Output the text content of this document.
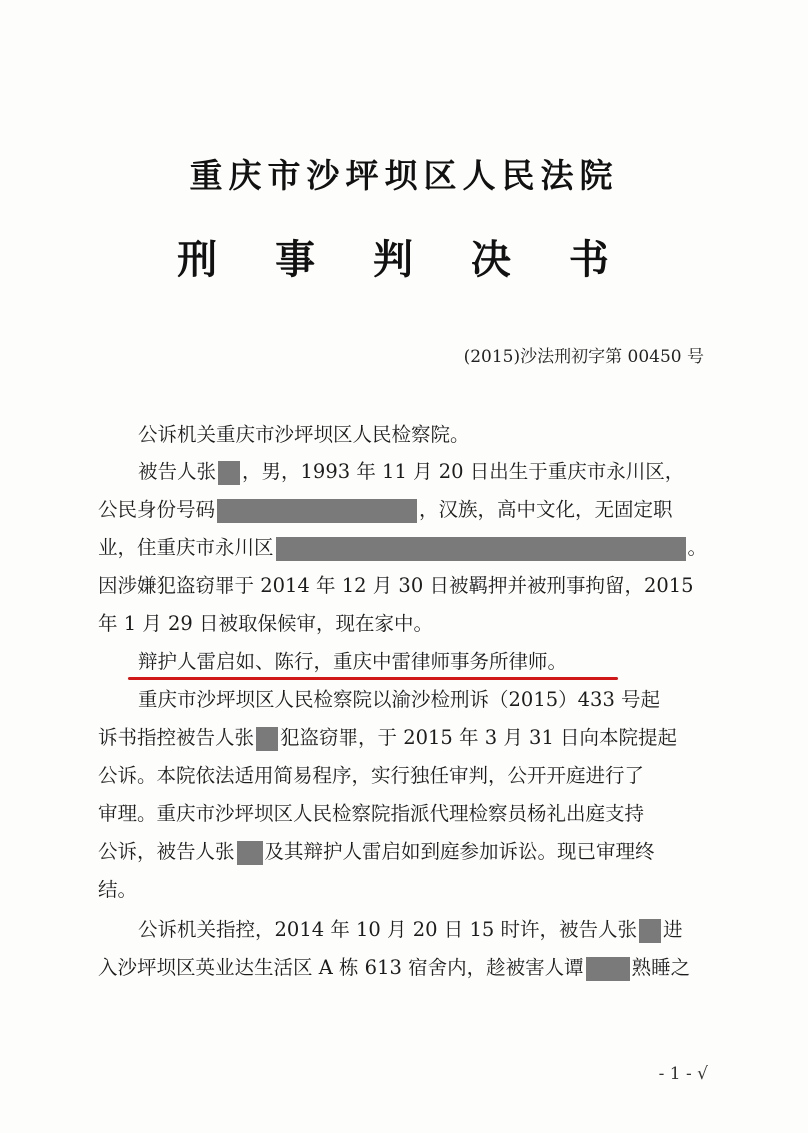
重庆市沙坪坝区人民法院
刑 事 判 决 书
(2015)沙法刑初字第 00450 号
公诉机关重庆市沙坪坝区人民检察院。
被告人张 ，男，1993 年 11 月 20 日出生于重庆市永川区，
公民身份号码	，汉族，高中文化，无固定职
业，住重庆市永川区	。
因涉嫌犯盗窃罪于 2014 年 12 月 30 日被羁押并被刑事拘留，2015
年 1 月 29 日被取保候审，现在家中。
辩护人雷启如、陈行，重庆中雷律师事务所律师。
重庆市沙坪坝区人民检察院以渝沙检刑诉（2015）433 号起
诉书指控被告人张 犯盗窃罪，于 2015 年 3 月 31 日向本院提起
公诉。本院依法适用简易程序，实行独任审判，公开开庭进行了
审理。重庆市沙坪坝区人民检察院指派代理检察员杨礼出庭支持
公诉，被告人张 及其辩护人雷启如到庭参加诉讼。现已审理终
结。
公诉机关指控，2014 年 10 月 20 日 15 时许，被告人张 进
入沙坪坝区英业达生活区 A 栋 613 宿舍内，趁被害人谭 熟睡之
- 1 - √
